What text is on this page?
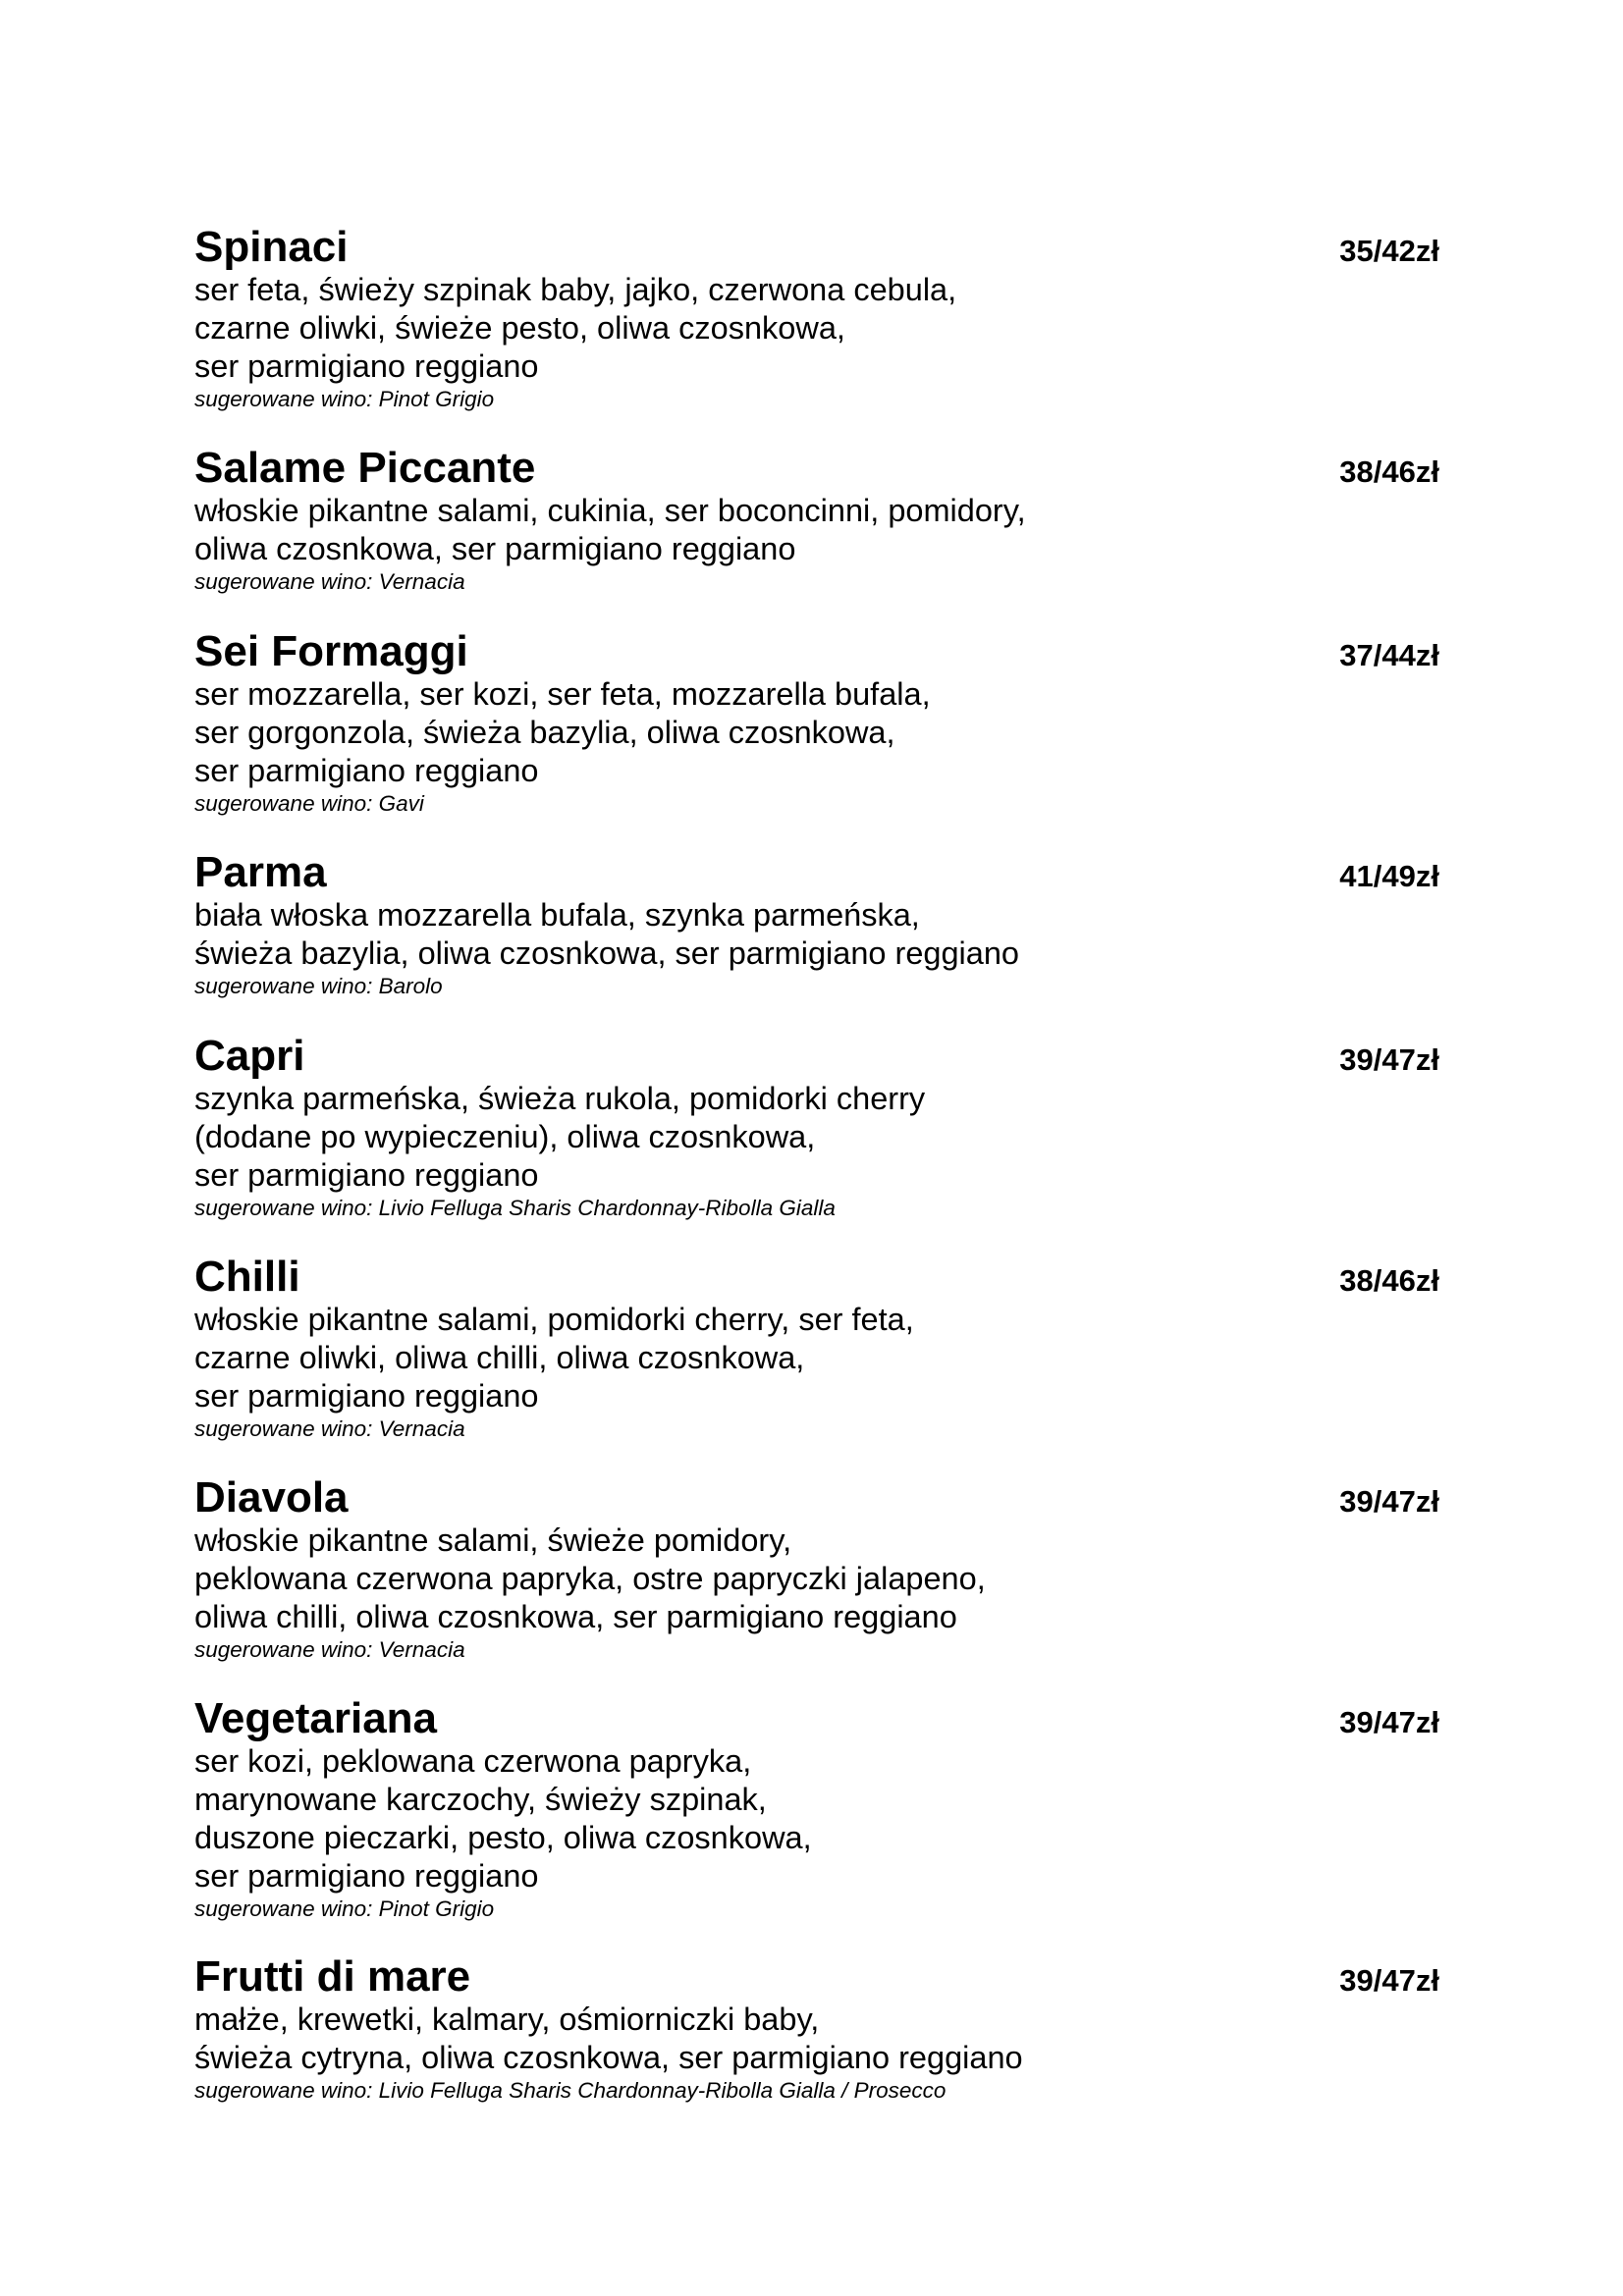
Spinaci	35/42zł
ser feta, świeży szpinak baby, jajko, czerwona cebula,
czarne oliwki, świeże pesto, oliwa czosnkowa,
ser parmigiano reggiano
sugerowane wino: Pinot Grigio
Salame Piccante	38/46zł
włoskie pikantne salami, cukinia, ser boconcinni, pomidory,
oliwa czosnkowa, ser parmigiano reggiano
sugerowane wino: Vernacia
Sei Formaggi	37/44zł
ser mozzarella, ser kozi, ser feta, mozzarella bufala,
ser gorgonzola, świeża bazylia, oliwa czosnkowa,
ser parmigiano reggiano
sugerowane wino: Gavi
Parma	41/49zł
biała włoska mozzarella bufala, szynka parmeńska,
świeża bazylia, oliwa czosnkowa, ser parmigiano reggiano
sugerowane wino: Barolo
Capri	39/47zł
szynka parmeńska, świeża rukola, pomidorki cherry
(dodane po wypieczeniu), oliwa czosnkowa,
ser parmigiano reggiano
sugerowane wino: Livio Felluga Sharis Chardonnay-Ribolla Gialla
Chilli	38/46zł
włoskie pikantne salami, pomidorki cherry, ser feta,
czarne oliwki, oliwa chilli, oliwa czosnkowa,
ser parmigiano reggiano
sugerowane wino: Vernacia
Diavola	39/47zł
włoskie pikantne salami, świeże pomidory,
peklowana czerwona papryka, ostre papryczki jalapeno,
oliwa chilli, oliwa czosnkowa, ser parmigiano reggiano
sugerowane wino: Vernacia
Vegetariana	39/47zł
ser kozi, peklowana czerwona papryka,
marynowane karczochy, świeży szpinak,
duszone pieczarki, pesto, oliwa czosnkowa,
ser parmigiano reggiano
sugerowane wino: Pinot Grigio
Frutti di mare	39/47zł
małże, krewetki, kalmary, ośmiorniczki baby,
świeża cytryna, oliwa czosnkowa, ser parmigiano reggiano
sugerowane wino: Livio Felluga Sharis Chardonnay-Ribolla Gialla / Prosecco
